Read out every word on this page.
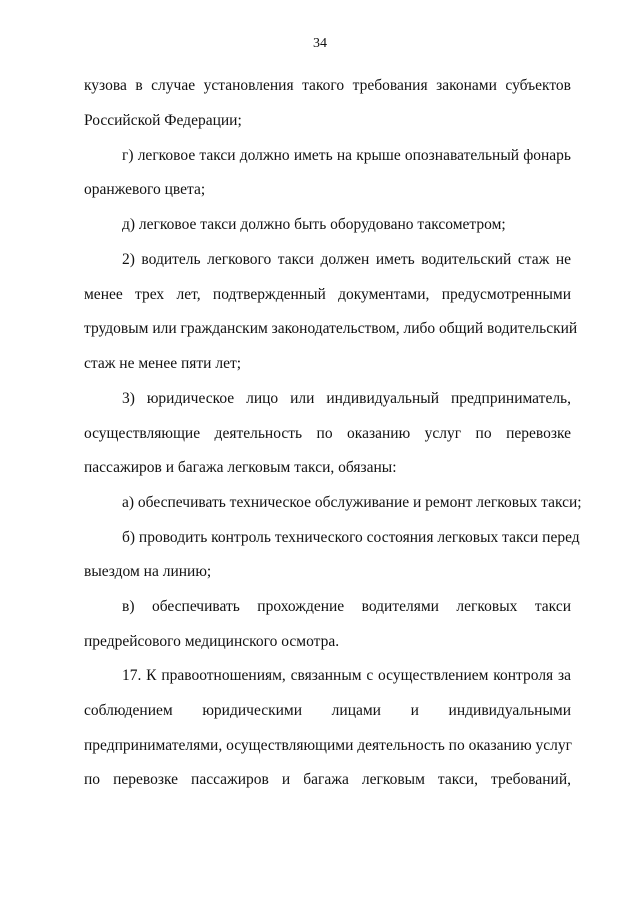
34
кузова в случае установления такого требования законами субъектов
Российской Федерации;
г) легковое такси должно иметь на крыше опознавательный фонарь
оранжевого цвета;
д) легковое такси должно быть оборудовано таксометром;
2) водитель легкового такси должен иметь водительский стаж не
менее трех лет, подтвержденный документами, предусмотренными
трудовым или гражданским законодательством, либо общий водительский
стаж не менее пяти лет;
3) юридическое лицо или индивидуальный предприниматель,
осуществляющие деятельность по оказанию услуг по перевозке
пассажиров и багажа легковым такси, обязаны:
а) обеспечивать техническое обслуживание и ремонт легковых такси;
б) проводить контроль технического состояния легковых такси перед
выездом на линию;
в) обеспечивать прохождение водителями легковых такси
предрейсового медицинского осмотра.
17. К правоотношениям, связанным с осуществлением контроля за
соблюдением юридическими лицами и индивидуальными
предпринимателями, осуществляющими деятельность по оказанию услуг
по перевозке пассажиров и багажа легковым такси, требований,
